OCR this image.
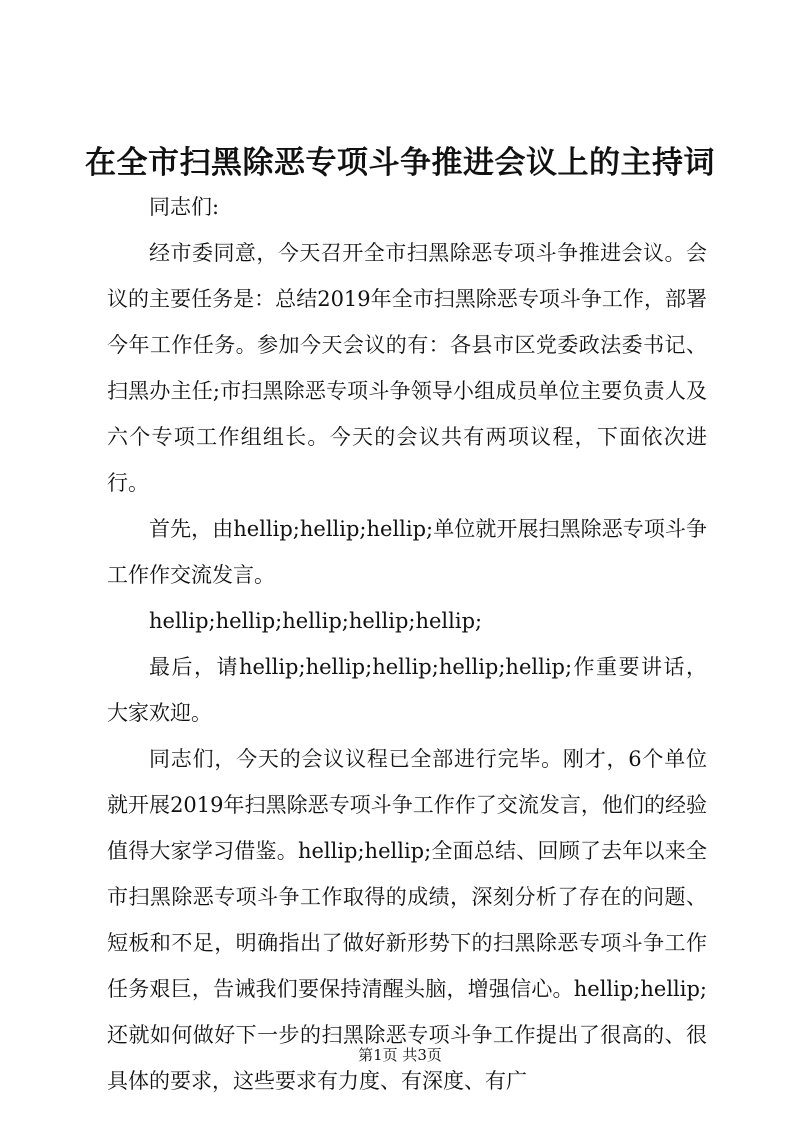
在全市扫黑除恶专项斗争推进会议上的主持词

同志们:

经市委同意，今天召开全市扫黑除恶专项斗争推进会议。会议的主要任务是：总结2019年全市扫黑除恶专项斗争工作，部署今年工作任务。参加今天会议的有：各县市区党委政法委书记、扫黑办主任;市扫黑除恶专项斗争领导小组成员单位主要负责人及六个专项工作组组长。今天的会议共有两项议程，下面依次进行。

首先，由hellip;hellip;hellip;单位就开展扫黑除恶专项斗争工作作交流发言。

hellip;hellip;hellip;hellip;hellip;

最后，请hellip;hellip;hellip;hellip;hellip;作重要讲话，大家欢迎。

同志们，今天的会议议程已全部进行完毕。刚才，6个单位就开展2019年扫黑除恶专项斗争工作作了交流发言，他们的经验值得大家学习借鉴。hellip;hellip;全面总结、回顾了去年以来全市扫黑除恶专项斗争工作取得的成绩，深刻分析了存在的问题、短板和不足，明确指出了做好新形势下的扫黑除恶专项斗争工作任务艰巨，告诫我们要保持清醒头脑，增强信心。hellip;hellip;还就如何做好下一步的扫黑除恶专项斗争工作提出了很高的、很具体的要求，这些要求有力度、有深度、有广

第1页 共3页
